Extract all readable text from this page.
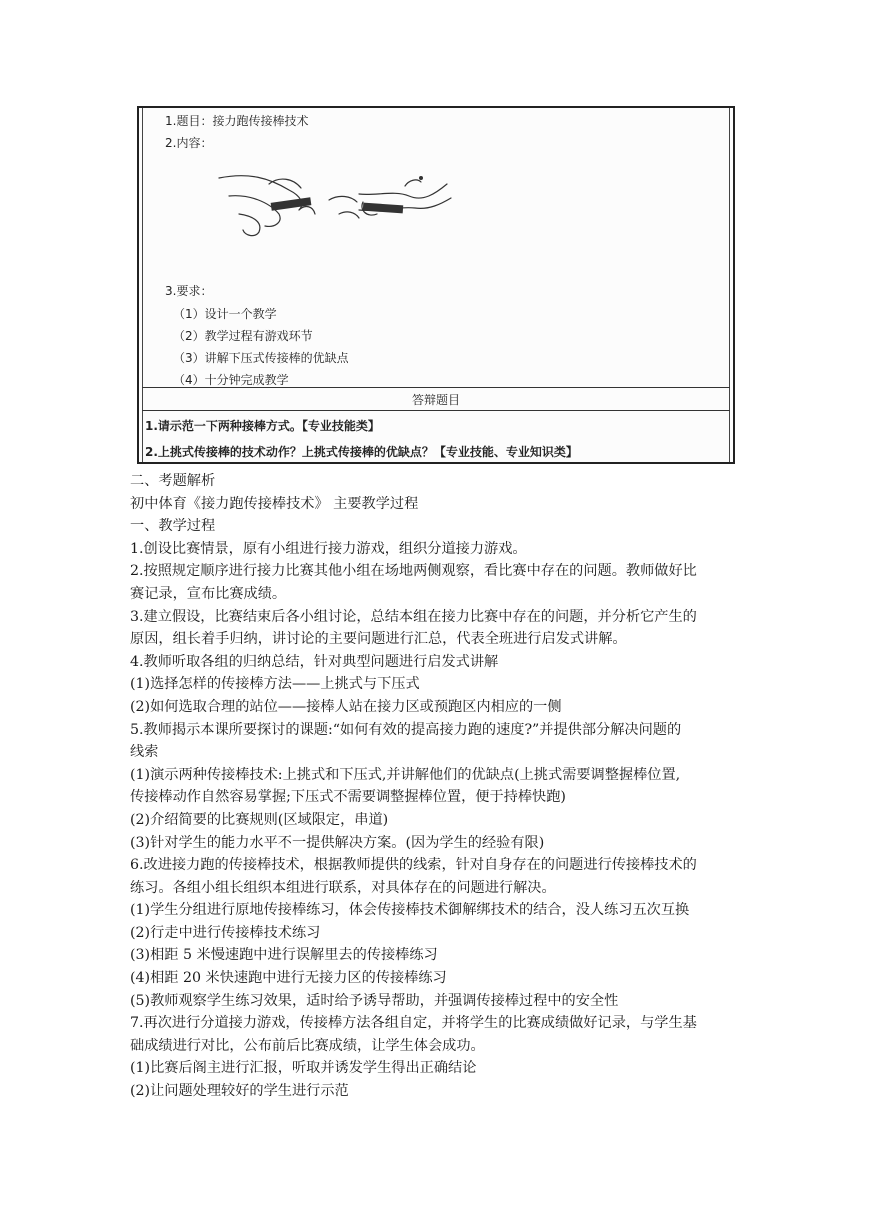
1.题目：接力跑传接棒技术
2.内容：
3.要求：
（1）设计一个教学
（2）教学过程有游戏环节
（3）讲解下压式传接棒的优缺点
（4）十分钟完成教学
答辩题目
1.请示范一下两种接棒方式。【专业技能类】
2.上挑式传接棒的技术动作？上挑式传接棒的优缺点？【专业技能、专业知识类】

二、考题解析

初中体育《接力跑传接棒技术》 主要教学过程

一、教学过程

1.创设比赛情景，原有小组进行接力游戏，组织分道接力游戏。

2.按照规定顺序进行接力比赛其他小组在场地两侧观察，看比赛中存在的问题。教师做好比

赛记录，宣布比赛成绩。

3.建立假设，比赛结束后各小组讨论，总结本组在接力比赛中存在的问题，并分析它产生的

原因，组长着手归纳，讲讨论的主要问题进行汇总，代表全班进行启发式讲解。

4.教师听取各组的归纳总结，针对典型问题进行启发式讲解

(1)选择怎样的传接棒方法——上挑式与下压式

(2)如何选取合理的站位——接棒人站在接力区或预跑区内相应的一侧

5.教师揭示本课所要探讨的课题:“如何有效的提高接力跑的速度?”并提供部分解决问题的

线索

(1)演示两种传接棒技术:上挑式和下压式,并讲解他们的优缺点(上挑式需要调整握棒位置,

传接棒动作自然容易掌握;下压式不需要调整握棒位置，便于持棒快跑)

(2)介绍简要的比赛规则(区域限定，串道)

(3)针对学生的能力水平不一提供解决方案。(因为学生的经验有限)

6.改进接力跑的传接棒技术，根据教师提供的线索，针对自身存在的问题进行传接棒技术的

练习。各组小组长组织本组进行联系，对具体存在的问题进行解决。

(1)学生分组进行原地传接棒练习，体会传接棒技术御解绑技术的结合，没人练习五次互换

(2)行走中进行传接棒技术练习

(3)相距 5 米慢速跑中进行误解里去的传接棒练习

(4)相距 20 米快速跑中进行无接力区的传接棒练习

(5)教师观察学生练习效果，适时给予诱导帮助，并强调传接棒过程中的安全性

7.再次进行分道接力游戏，传接棒方法各组自定，并将学生的比赛成绩做好记录，与学生基

础成绩进行对比，公布前后比赛成绩，让学生体会成功。

(1)比赛后阁主进行汇报，听取并诱发学生得出正确结论

(2)让问题处理较好的学生进行示范
